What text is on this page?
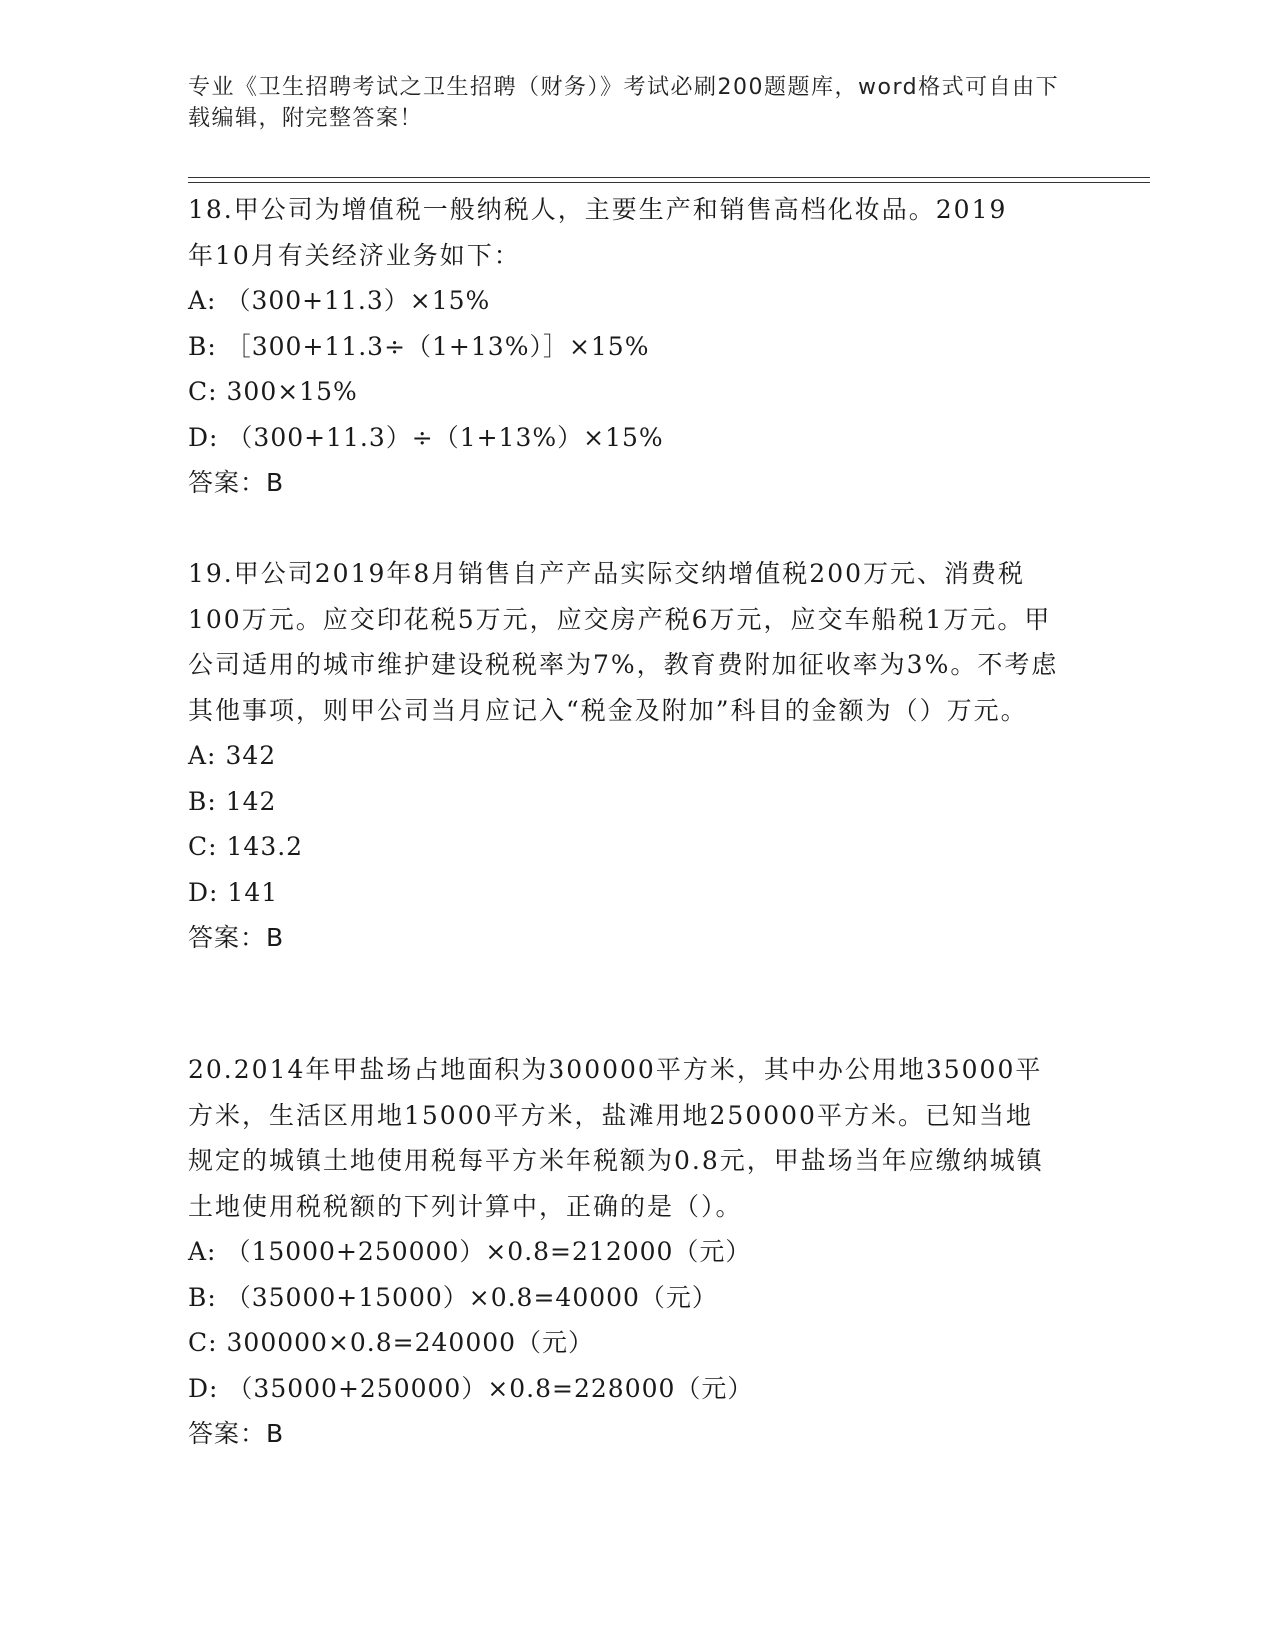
专业《卫生招聘考试之卫生招聘（财务）》考试必刷200题题库，word格式可自由下载编辑，附完整答案！

18.甲公司为增值税一般纳税人，主要生产和销售高档化妆品。2019年10月有关经济业务如下：

A: （300+11.3）×15%

B: ［300+11.3÷（1+13%）］×15%

C: 300×15%

D: （300+11.3）÷（1+13%）×15%

答案：B

19.甲公司2019年8月销售自产产品实际交纳增值税200万元、消费税100万元。应交印花税5万元，应交房产税6万元，应交车船税1万元。甲公司适用的城市维护建设税税率为7%，教育费附加征收率为3%。不考虑其他事项，则甲公司当月应记入“税金及附加”科目的金额为（）万元。

A: 342

B: 142

C: 143.2

D: 141

答案：B

20.2014年甲盐场占地面积为300000平方米，其中办公用地35000平方米，生活区用地15000平方米，盐滩用地250000平方米。已知当地规定的城镇土地使用税每平方米年税额为0.8元，甲盐场当年应缴纳城镇土地使用税税额的下列计算中，正确的是（）。

A: （15000+250000）×0.8=212000（元）

B: （35000+15000）×0.8=40000（元）

C: 300000×0.8=240000（元）

D: （35000+250000）×0.8=228000（元）

答案：B
